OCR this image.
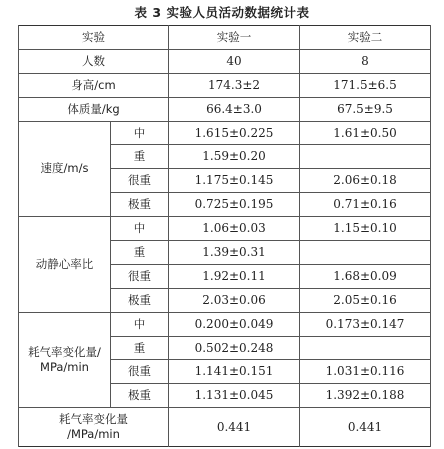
表 3 实验人员活动数据统计表
实验		实验一	实验二
人数		40	8
身高/cm		174.3±2	171.5±6.5
体质量/kg		66.4±3.0	67.5±9.5
速度/m/s	中	1.615±0.225	1.61±0.50
	重	1.59±0.20	
	很重	1.175±0.145	2.06±0.18
	极重	0.725±0.195	0.71±0.16
动静心率比	中	1.06±0.03	1.15±0.10
	重	1.39±0.31	
	很重	1.92±0.11	1.68±0.09
	极重	2.03±0.06	2.05±0.16
耗气率变化量/
MPa/min	中	0.200±0.049	0.173±0.147
	重	0.502±0.248	
	很重	1.141±0.151	1.031±0.116
	极重	1.131±0.045	1.392±0.188
耗气率变化量
/MPa/min		0.441	0.441
